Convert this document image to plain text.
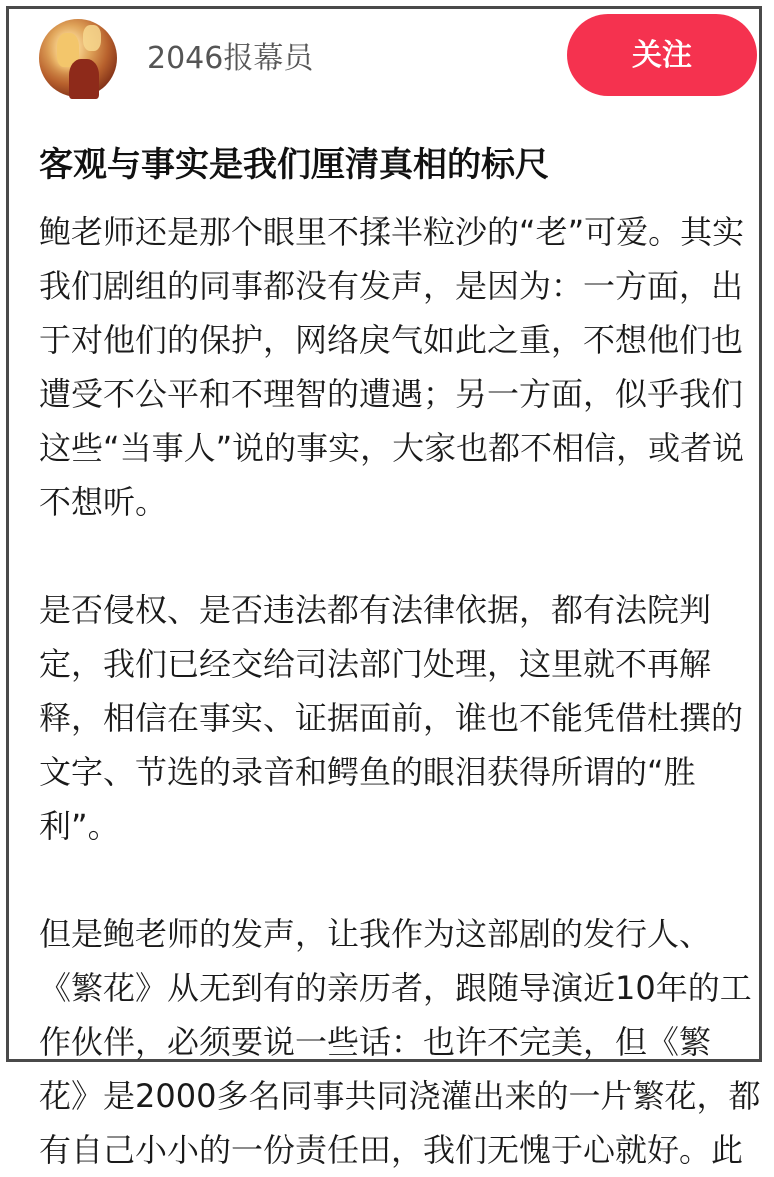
2046报幕员	关注
客观与事实是我们厘清真相的标尺
鲍老师还是那个眼里不揉半粒沙的“老”可爱。其实
我们剧组的同事都没有发声，是因为：一方面，出
于对他们的保护，网络戾气如此之重，不想他们也
遭受不公平和不理智的遭遇；另一方面，似乎我们
这些“当事人”说的事实，大家也都不相信，或者说
不想听。
是否侵权、是否违法都有法律依据，都有法院判
定，我们已经交给司法部门处理，这里就不再解
释，相信在事实、证据面前，谁也不能凭借杜撰的
文字、节选的录音和鳄鱼的眼泪获得所谓的“胜
利”。
但是鲍老师的发声，让我作为这部剧的发行人、
《繁花》从无到有的亲历者，跟随导演近10年的工
作伙伴，必须要说一些话：也许不完美，但《繁
花》是2000多名同事共同浇灌出来的一片繁花，都
有自己小小的一份责任田，我们无愧于心就好。此
